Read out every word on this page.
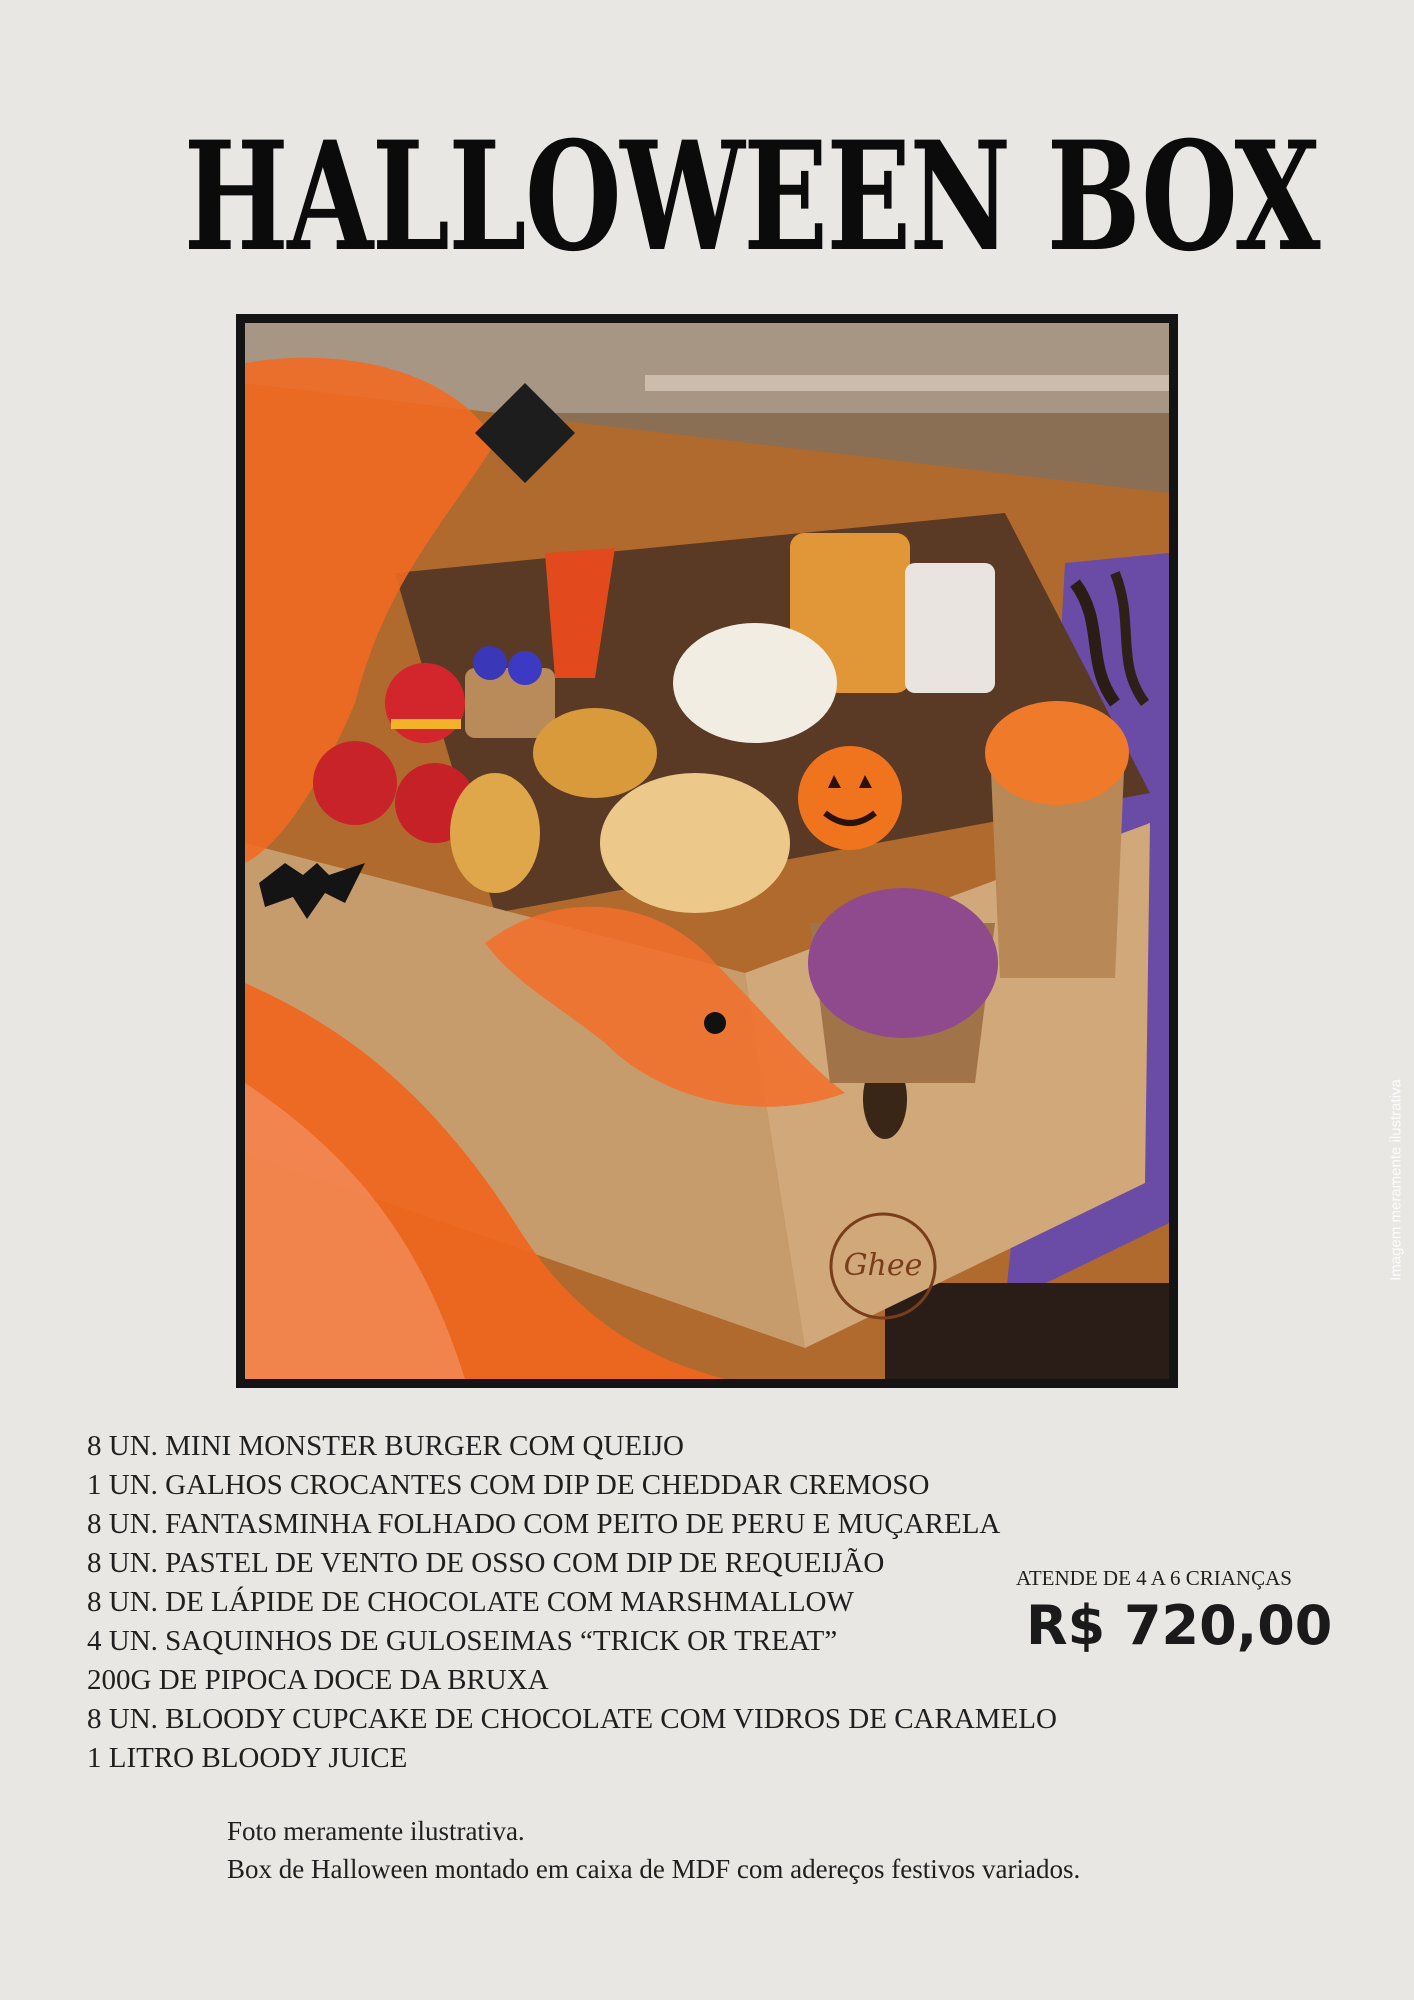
HALLOWEEN BOX
Ghee	Imagem meramente ilustrativa
8 UN. MINI MONSTER BURGER COM QUEIJO
1 UN. GALHOS CROCANTES COM DIP DE CHEDDAR CREMOSO
8 UN. FANTASMINHA FOLHADO COM PEITO DE PERU E MUÇARELA
8 UN. PASTEL DE VENTO DE OSSO COM DIP DE REQUEIJÃO
8 UN. DE LÁPIDE DE CHOCOLATE COM MARSHMALLOW
4 UN. SAQUINHOS DE GULOSEIMAS “TRICK OR TREAT”
200G DE PIPOCA DOCE DA BRUXA
8 UN. BLOODY CUPCAKE DE CHOCOLATE COM VIDROS DE CARAMELO
1 LITRO BLOODY JUICE
ATENDE DE 4 A 6 CRIANÇAS
R$ 720,00
Foto meramente ilustrativa.
Box de Halloween montado em caixa de MDF com adereços festivos variados.
